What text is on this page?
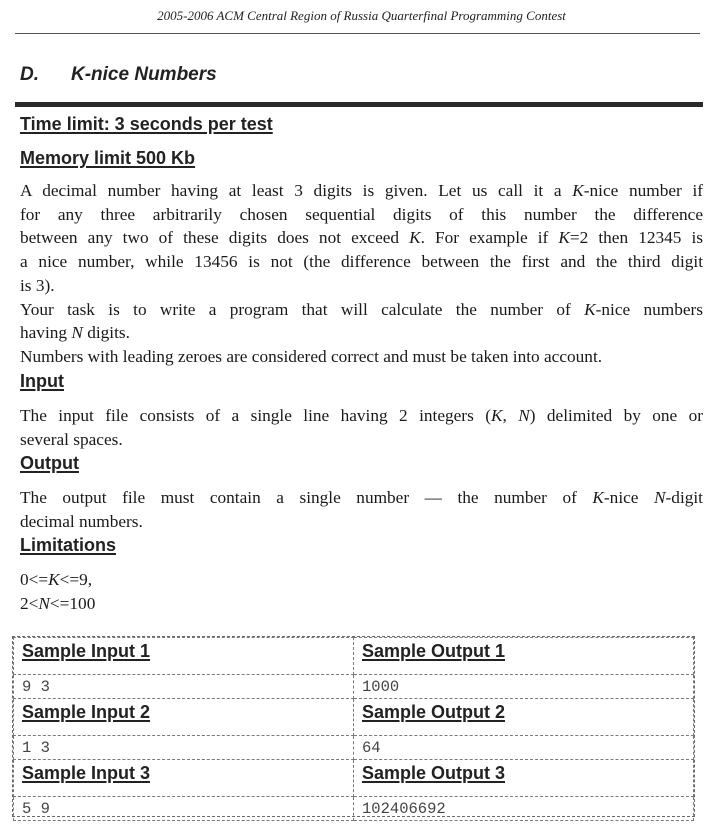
2005-2006 ACM Central Region of Russia Quarterfinal Programming Contest
D. K-nice Numbers
Time limit: 3 seconds per test
Memory limit 500 Kb
A decimal number having at least 3 digits is given. Let us call it a K-nice number if
for any three arbitrarily chosen sequential digits of this number the difference
between any two of these digits does not exceed K. For example if K=2 then 12345 is
a nice number, while 13456 is not (the difference between the first and the third digit
is 3).
Your task is to write a program that will calculate the number of K-nice numbers
having N digits.
Numbers with leading zeroes are considered correct and must be taken into account.
Input
The input file consists of a single line having 2 integers (K, N) delimited by one or
several spaces.
Output
The output file must contain a single number — the number of K-nice N-digit
decimal numbers.
Limitations
0<=K<=9,
2<N<=100
Sample Input 1	Sample Output 1
9 3	1000
Sample Input 2	Sample Output 2
1 3	64
Sample Input 3	Sample Output 3
5 9	102406692
